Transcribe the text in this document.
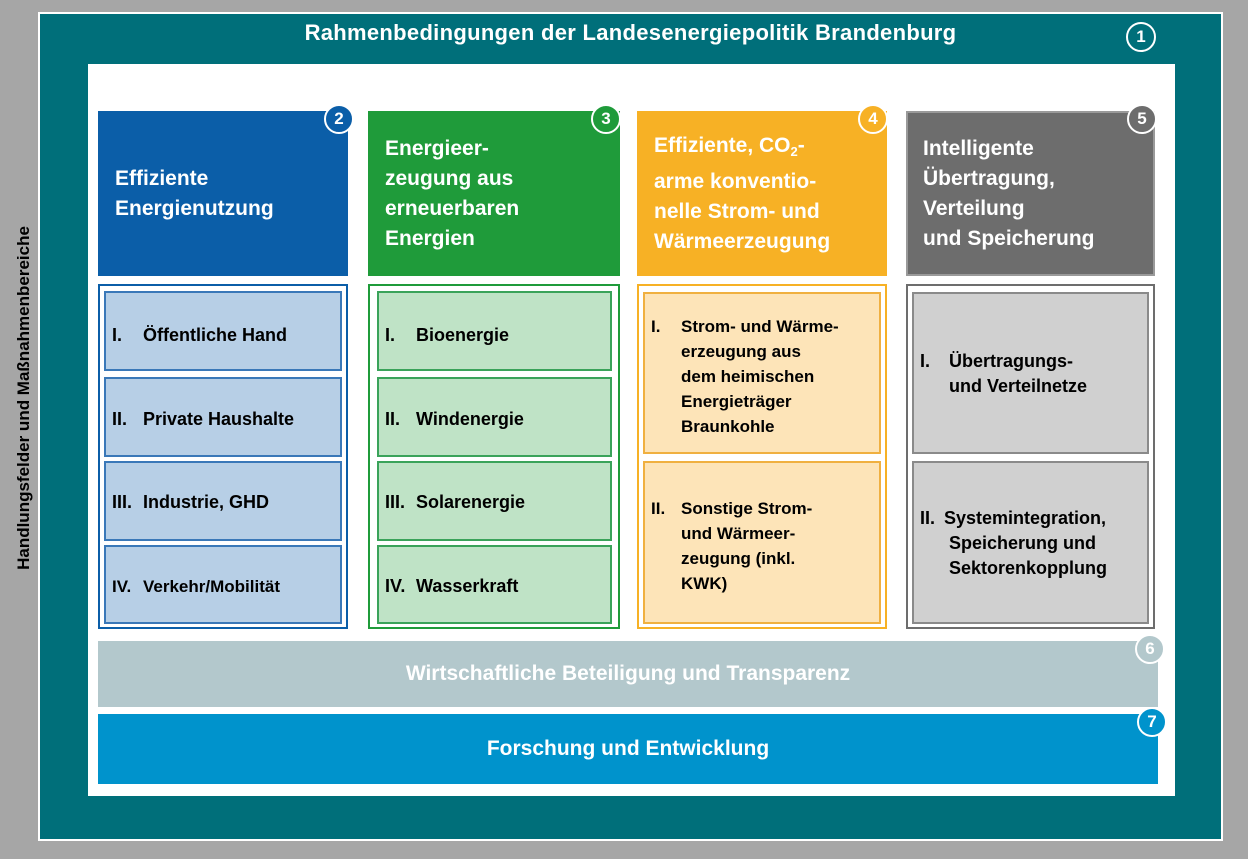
Handlungsfelder und Maßnahmenbereiche
Rahmenbedingungen der Landesenergiepolitik Brandenburg	1
Effiziente
Energienutzung
2
I. Öffentliche Hand
II. Private Haushalte
III. Industrie, GHD
IV. Verkehr/Mobilität
Energieer-
zeugung aus
erneuerbaren
Energien
3
I. Bioenergie
II. Windenergie
III. Solarenergie
IV. Wasserkraft
Effiziente, $CO_2-$
arme konventio-
nelle Strom- und
Wärmeerzeugung
4
I. Strom- und Wärme-
erzeugung aus
dem heimischen
Energieträger
Braunkohle
II. Sonstige Strom-
und Wärmeer-
zeugung (inkl.
KWK)
Intelligente
Übertragung,
Verteilung
und Speicherung
5
I. Übertragungs-
und Verteilnetze
II. Systemintegration,
Speicherung und
Sektorenkopplung
Wirtschaftliche Beteiligung und Transparenz
6
Forschung und Entwicklung
7
